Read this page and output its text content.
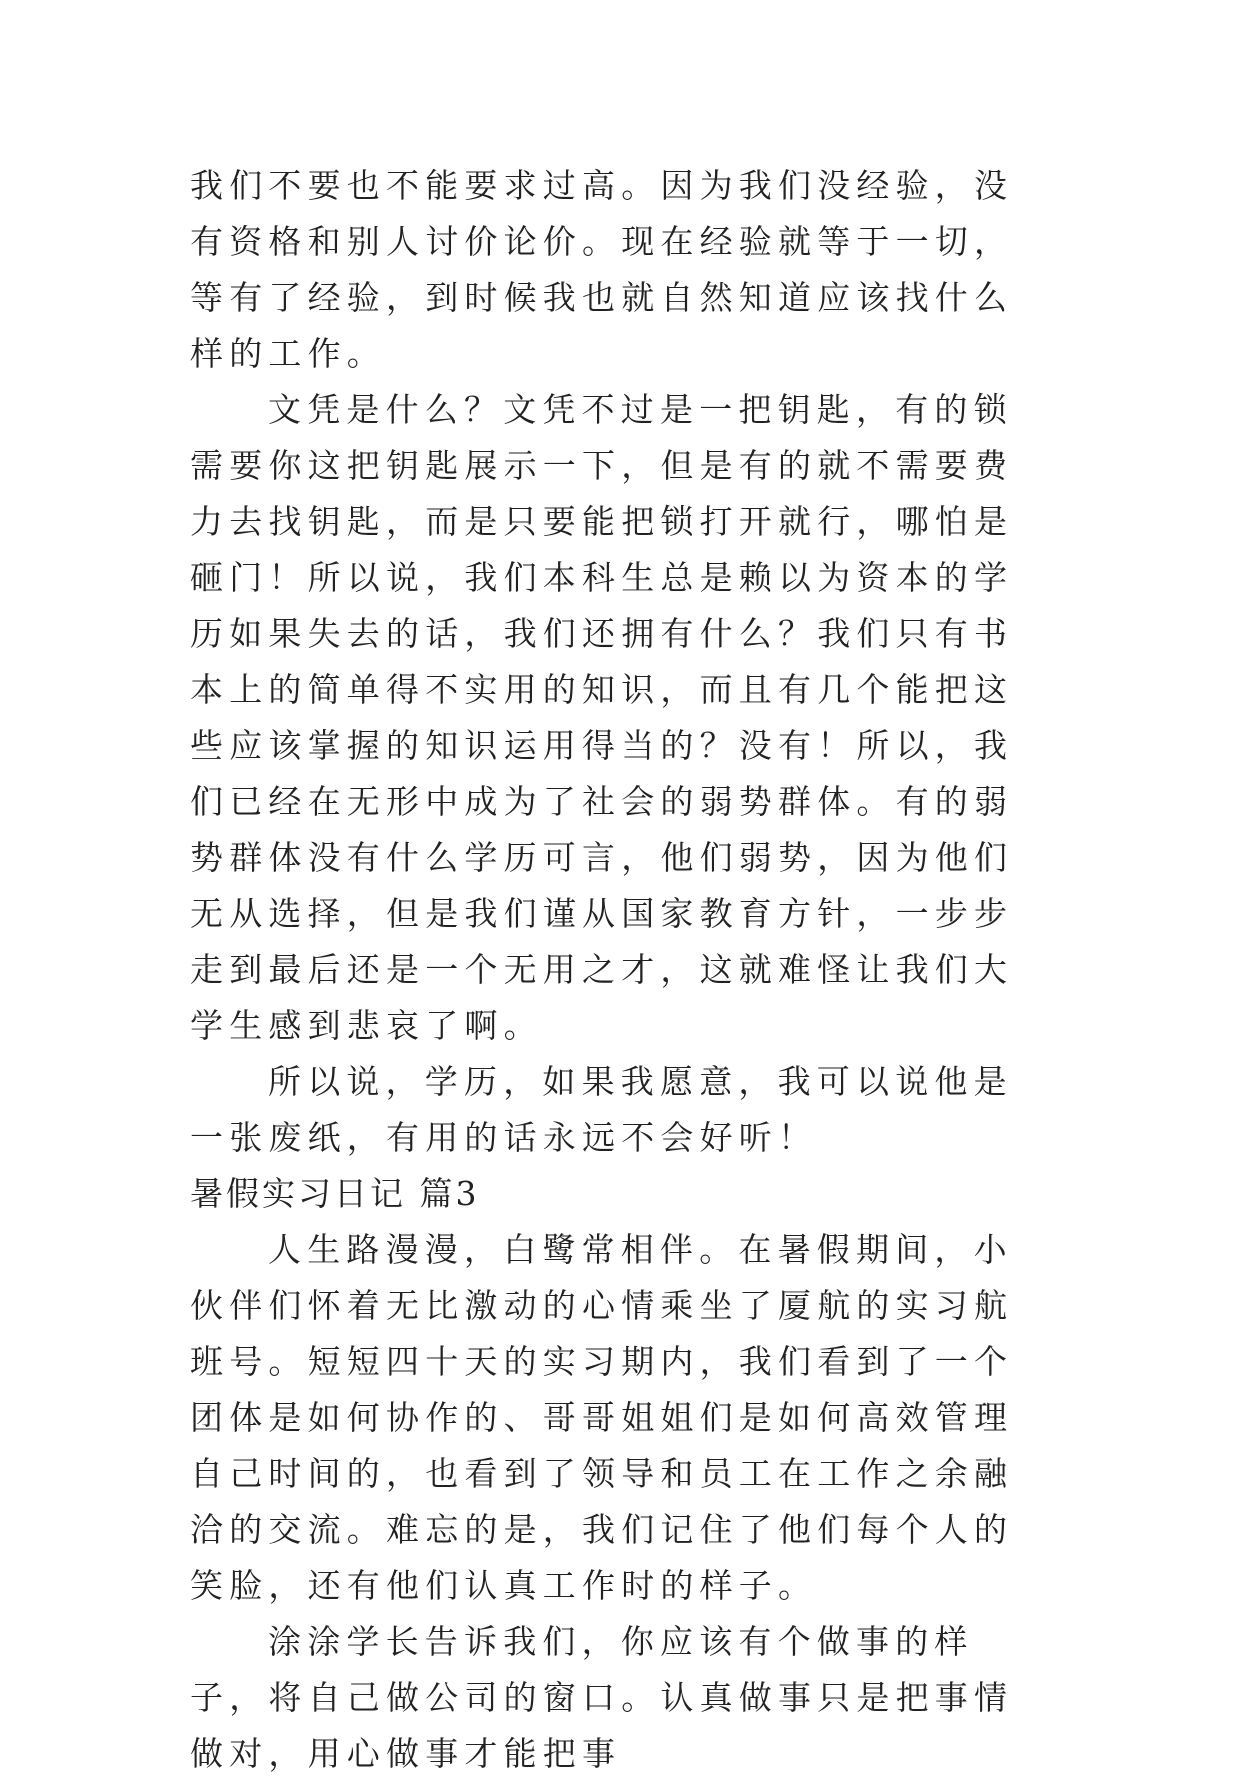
我们不要也不能要求过高。因为我们没经验，没有资格和别人讨价论价。现在经验就等于一切，等有了经验，到时候我也就自然知道应该找什么样的工作。

文凭是什么？文凭不过是一把钥匙，有的锁需要你这把钥匙展示一下，但是有的就不需要费力去找钥匙，而是只要能把锁打开就行，哪怕是砸门！所以说，我们本科生总是赖以为资本的学历如果失去的话，我们还拥有什么？我们只有书本上的简单得不实用的知识，而且有几个能把这些应该掌握的知识运用得当的？没有！所以，我们已经在无形中成为了社会的弱势群体。有的弱势群体没有什么学历可言，他们弱势，因为他们无从选择，但是我们谨从国家教育方针，一步步走到最后还是一个无用之才，这就难怪让我们大学生感到悲哀了啊。

所以说，学历，如果我愿意，我可以说他是一张废纸，有用的话永远不会好听！

暑假实习日记 篇3

人生路漫漫，白鹭常相伴。在暑假期间，小伙伴们怀着无比激动的心情乘坐了厦航的实习航班号。短短四十天的实习期内，我们看到了一个团体是如何协作的、哥哥姐姐们是如何高效管理自己时间的，也看到了领导和员工在工作之余融洽的交流。难忘的是，我们记住了他们每个人的笑脸，还有他们认真工作时的样子。

涂涂学长告诉我们，你应该有个做事的样子，将自己做公司的窗口。认真做事只是把事情做对，用心做事才能把事
